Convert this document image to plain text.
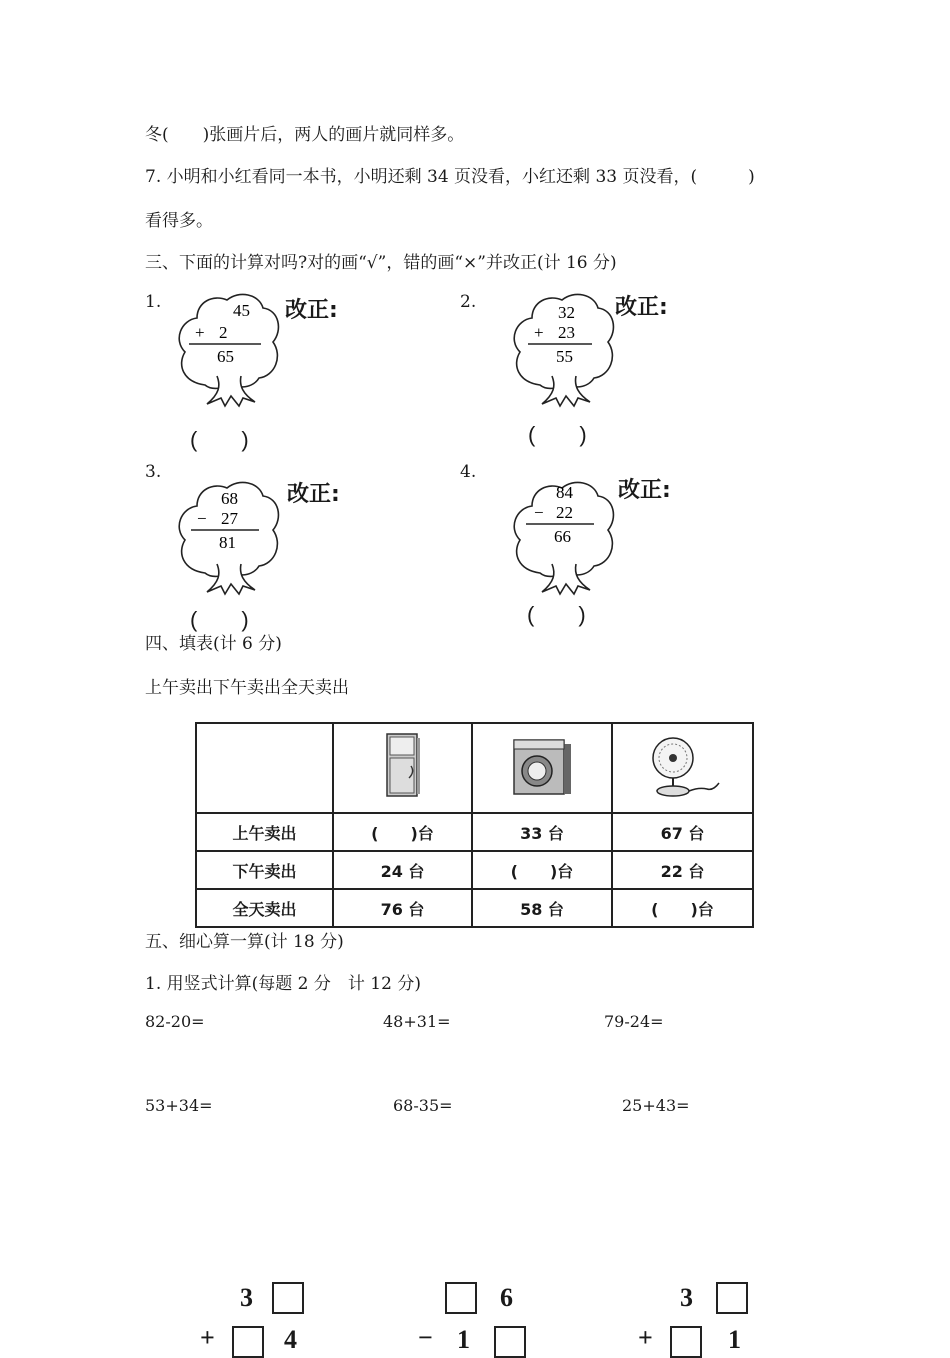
冬(　　)张画片后，两人的画片就同样多。
7. 小明和小红看同一本书，小明还剩 34 页没看，小红还剩 33 页没看，(　　　)
看得多。
三、下面的计算对吗?对的画“√”，错的画“×”并改正(计 16 分)
1.	45
+ 2
65
改正:
(　　)
2.
32
+ 23
55
改正:
(　　)
3.
68
− 27
81
改正:
(　　)
4.
84
− 22
66
改正:
(　　)
四、填表(计 6 分)
上午卖出下午卖出全天卖出

上午卖出	(　　)台	33 台	67 台
下午卖出	24 台	(　　)台	22 台
全天卖出	76 台	58 台	(　　)台
五、细心算一算(计 18 分)
1. 用竖式计算(每题 2 分　计 12 分)
82-20=	48+31=	79-24=
53+34=	68-35=	25+43=
3
+	4
6
− 1
3
+	1
